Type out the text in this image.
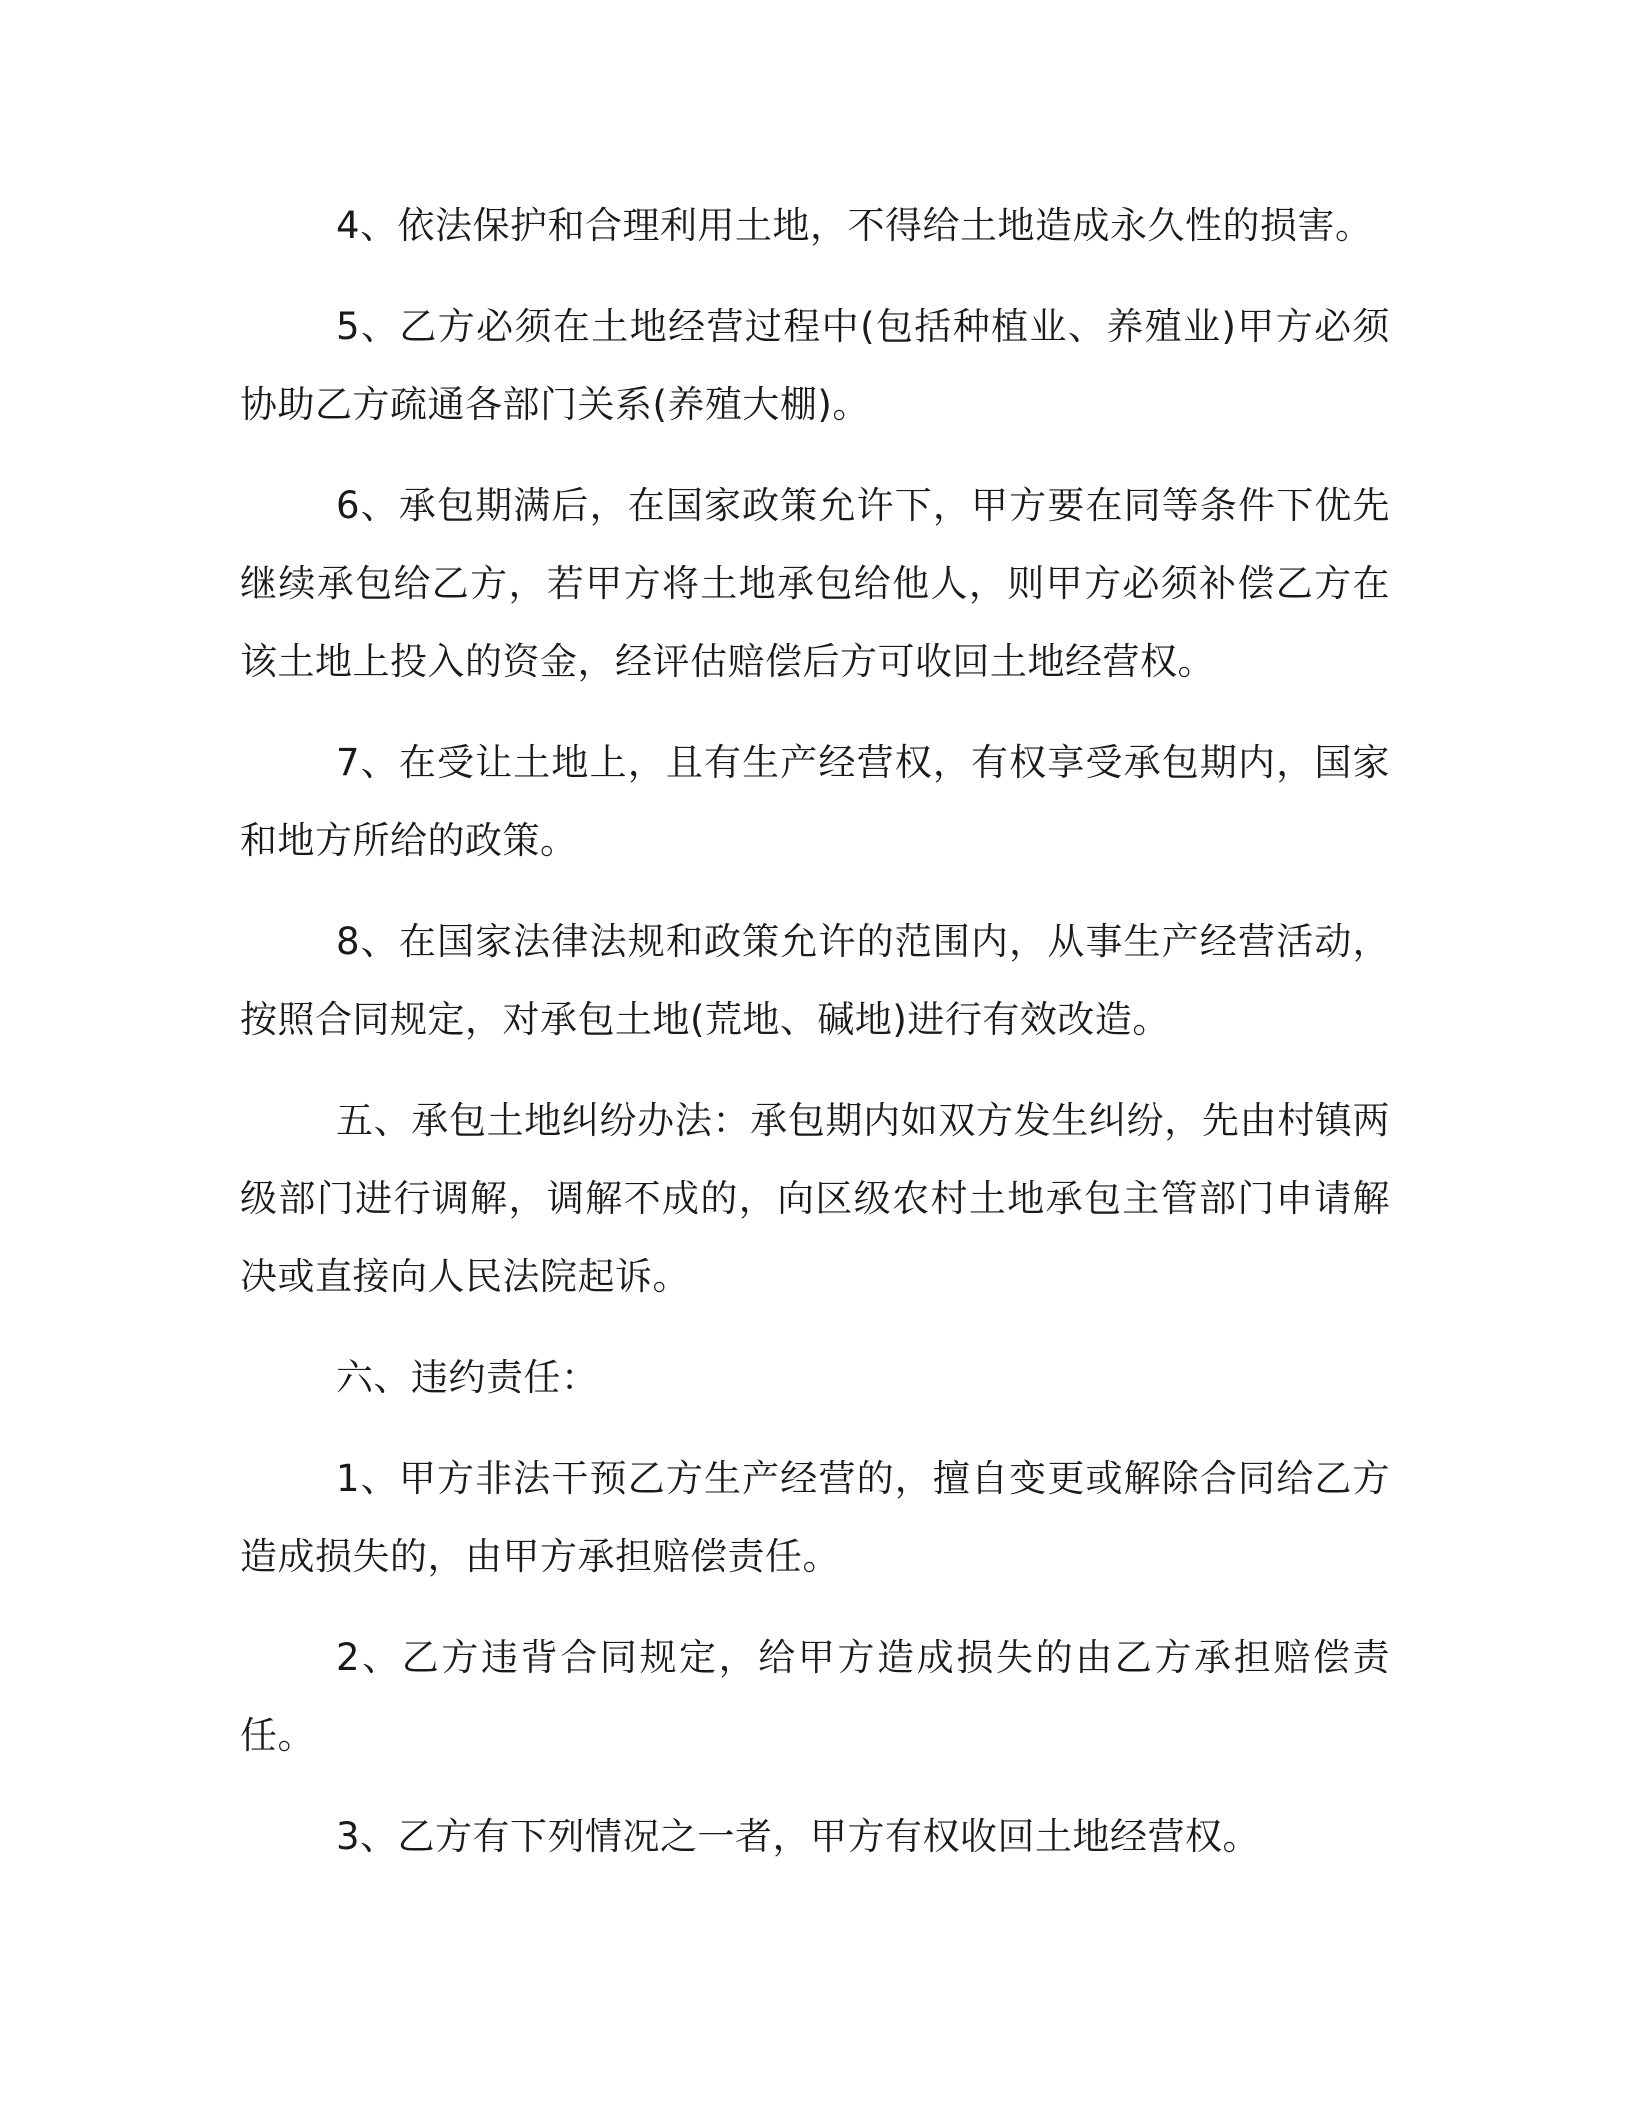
4、依法保护和合理利用土地，不得给土地造成永久性的损害。

5、乙方必须在土地经营过程中(包括种植业、养殖业)甲方必须协助乙方疏通各部门关系(养殖大棚)。

6、承包期满后，在国家政策允许下，甲方要在同等条件下优先继续承包给乙方，若甲方将土地承包给他人，则甲方必须补偿乙方在该土地上投入的资金，经评估赔偿后方可收回土地经营权。

7、在受让土地上，且有生产经营权，有权享受承包期内，国家和地方所给的政策。

8、在国家法律法规和政策允许的范围内，从事生产经营活动，按照合同规定，对承包土地(荒地、碱地)进行有效改造。

五、承包土地纠纷办法：承包期内如双方发生纠纷，先由村镇两级部门进行调解，调解不成的，向区级农村土地承包主管部门申请解决或直接向人民法院起诉。

六、违约责任：

1、甲方非法干预乙方生产经营的，擅自变更或解除合同给乙方造成损失的，由甲方承担赔偿责任。

2、乙方违背合同规定，给甲方造成损失的由乙方承担赔偿责任。

3、乙方有下列情况之一者，甲方有权收回土地经营权。
